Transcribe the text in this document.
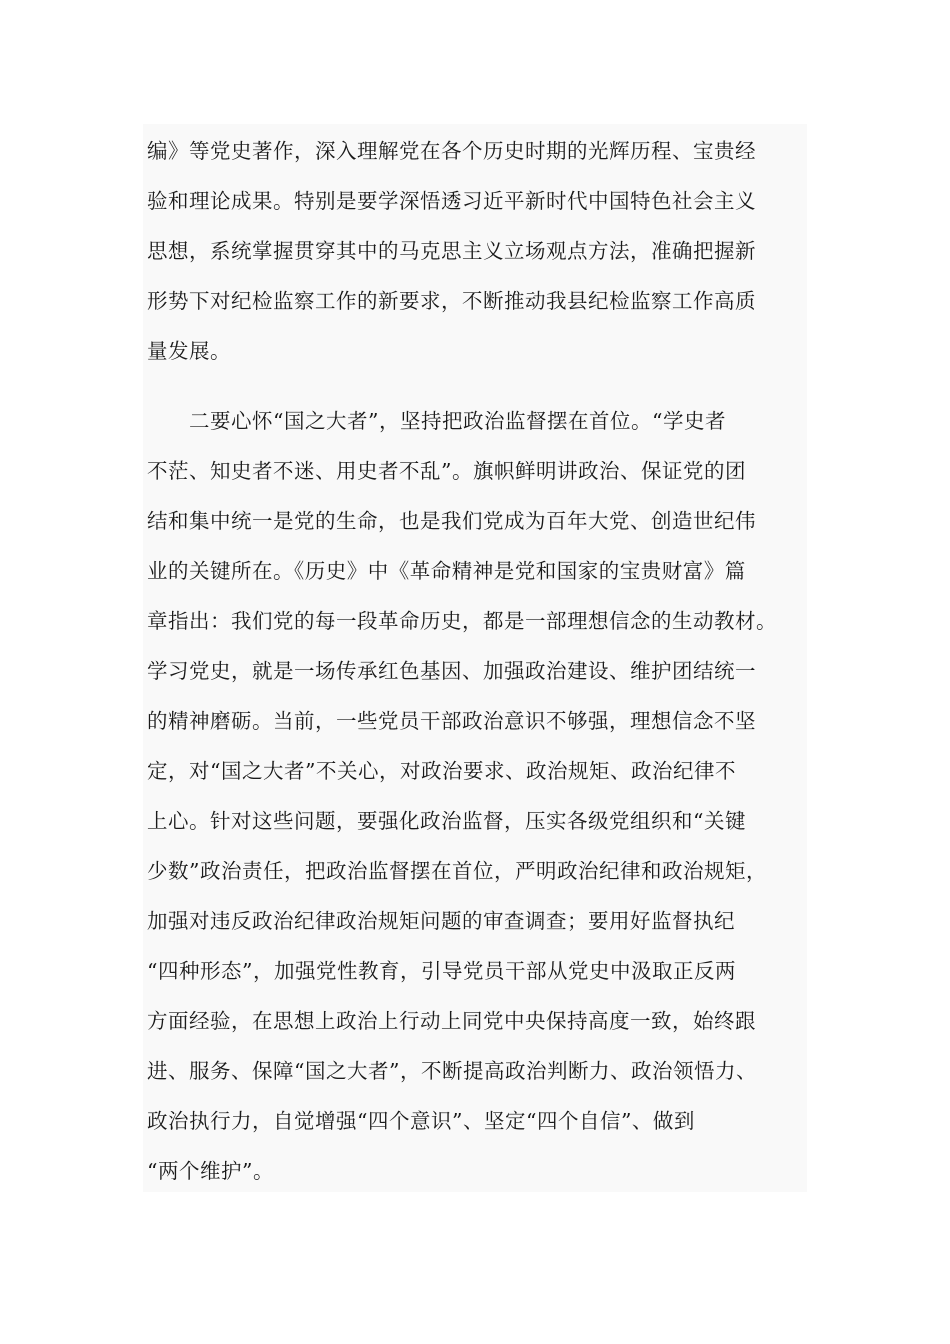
编》等党史著作，深入理解党在各个历史时期的光辉历程、宝贵经
验和理论成果。特别是要学深悟透习近平新时代中国特色社会主义
思想，系统掌握贯穿其中的马克思主义立场观点方法，准确把握新
形势下对纪检监察工作的新要求，不断推动我县纪检监察工作高质
量发展。
二要心怀“国之大者”，坚持把政治监督摆在首位。“学史者
不茫、知史者不迷、用史者不乱”。旗帜鲜明讲政治、保证党的团
结和集中统一是党的生命，也是我们党成为百年大党、创造世纪伟
业的关键所在。《历史》中《革命精神是党和国家的宝贵财富》篇
章指出：我们党的每一段革命历史，都是一部理想信念的生动教材。
学习党史，就是一场传承红色基因、加强政治建设、维护团结统一
的精神磨砺。当前，一些党员干部政治意识不够强，理想信念不坚
定，对“国之大者”不关心，对政治要求、政治规矩、政治纪律不
上心。针对这些问题，要强化政治监督，压实各级党组织和“关键
少数”政治责任，把政治监督摆在首位，严明政治纪律和政治规矩，
加强对违反政治纪律政治规矩问题的审查调查；要用好监督执纪
“四种形态”，加强党性教育，引导党员干部从党史中汲取正反两
方面经验，在思想上政治上行动上同党中央保持高度一致，始终跟
进、服务、保障“国之大者”，不断提高政治判断力、政治领悟力、
政治执行力，自觉增强“四个意识”、坚定“四个自信”、做到
“两个维护”。
